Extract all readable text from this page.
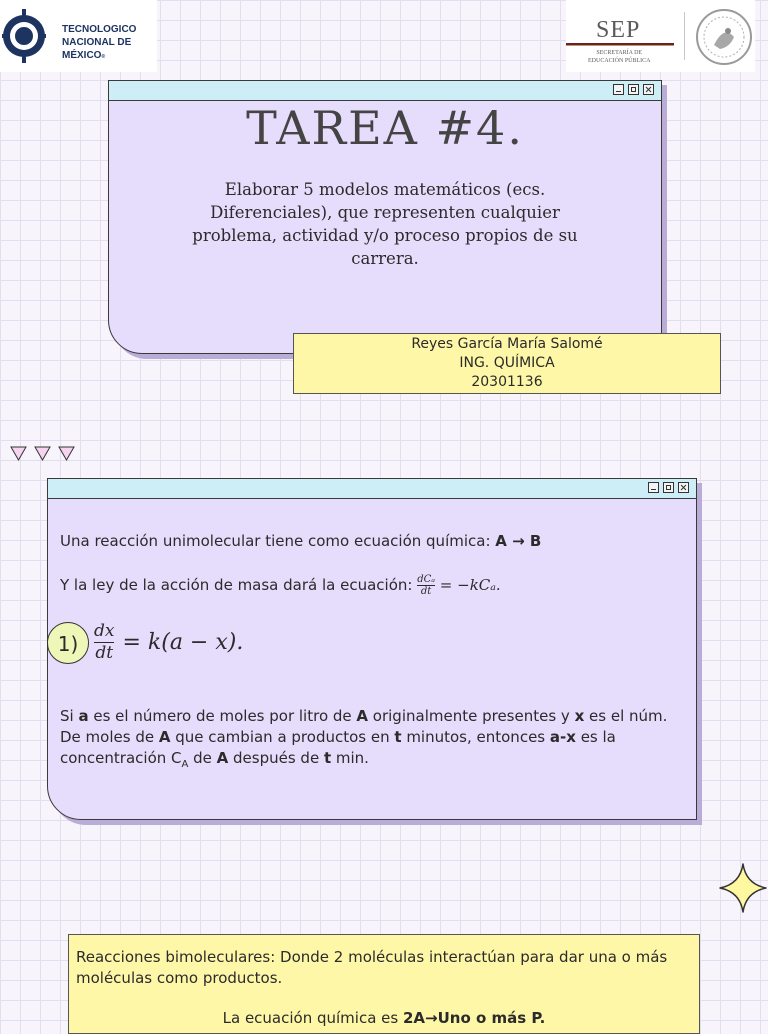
TECNOLOGICO
NACIONAL DE MÉXICO®
SEP
SECRETARÍA DE
EDUCACIÓN PÚBLICA
TAREA #4.
Elaborar 5 modelos matemáticos (ecs. Diferenciales), que representen cualquier problema, actividad y/o proceso propios de su carrera.
Reyes García María Salomé
ING. QUÍMICA
20301136
Una reacción unimolecular tiene como ecuación química: A → B
Y la ley de la acción de masa dará la ecuación: dCₐ
dt = −kCₐ.
$1) \frac{dx}{dt} = k(a - x)$.
Si a es el número de moles por litro de A originalmente presentes y x es el núm. De moles de A que cambian a productos en t minutos, entonces a-x es la concentración $C_A$ de A después de t min.
Reacciones bimoleculares: Donde 2 moléculas interactúan para dar una o más moléculas como productos.
La ecuación química es 2A→Uno o más P.
